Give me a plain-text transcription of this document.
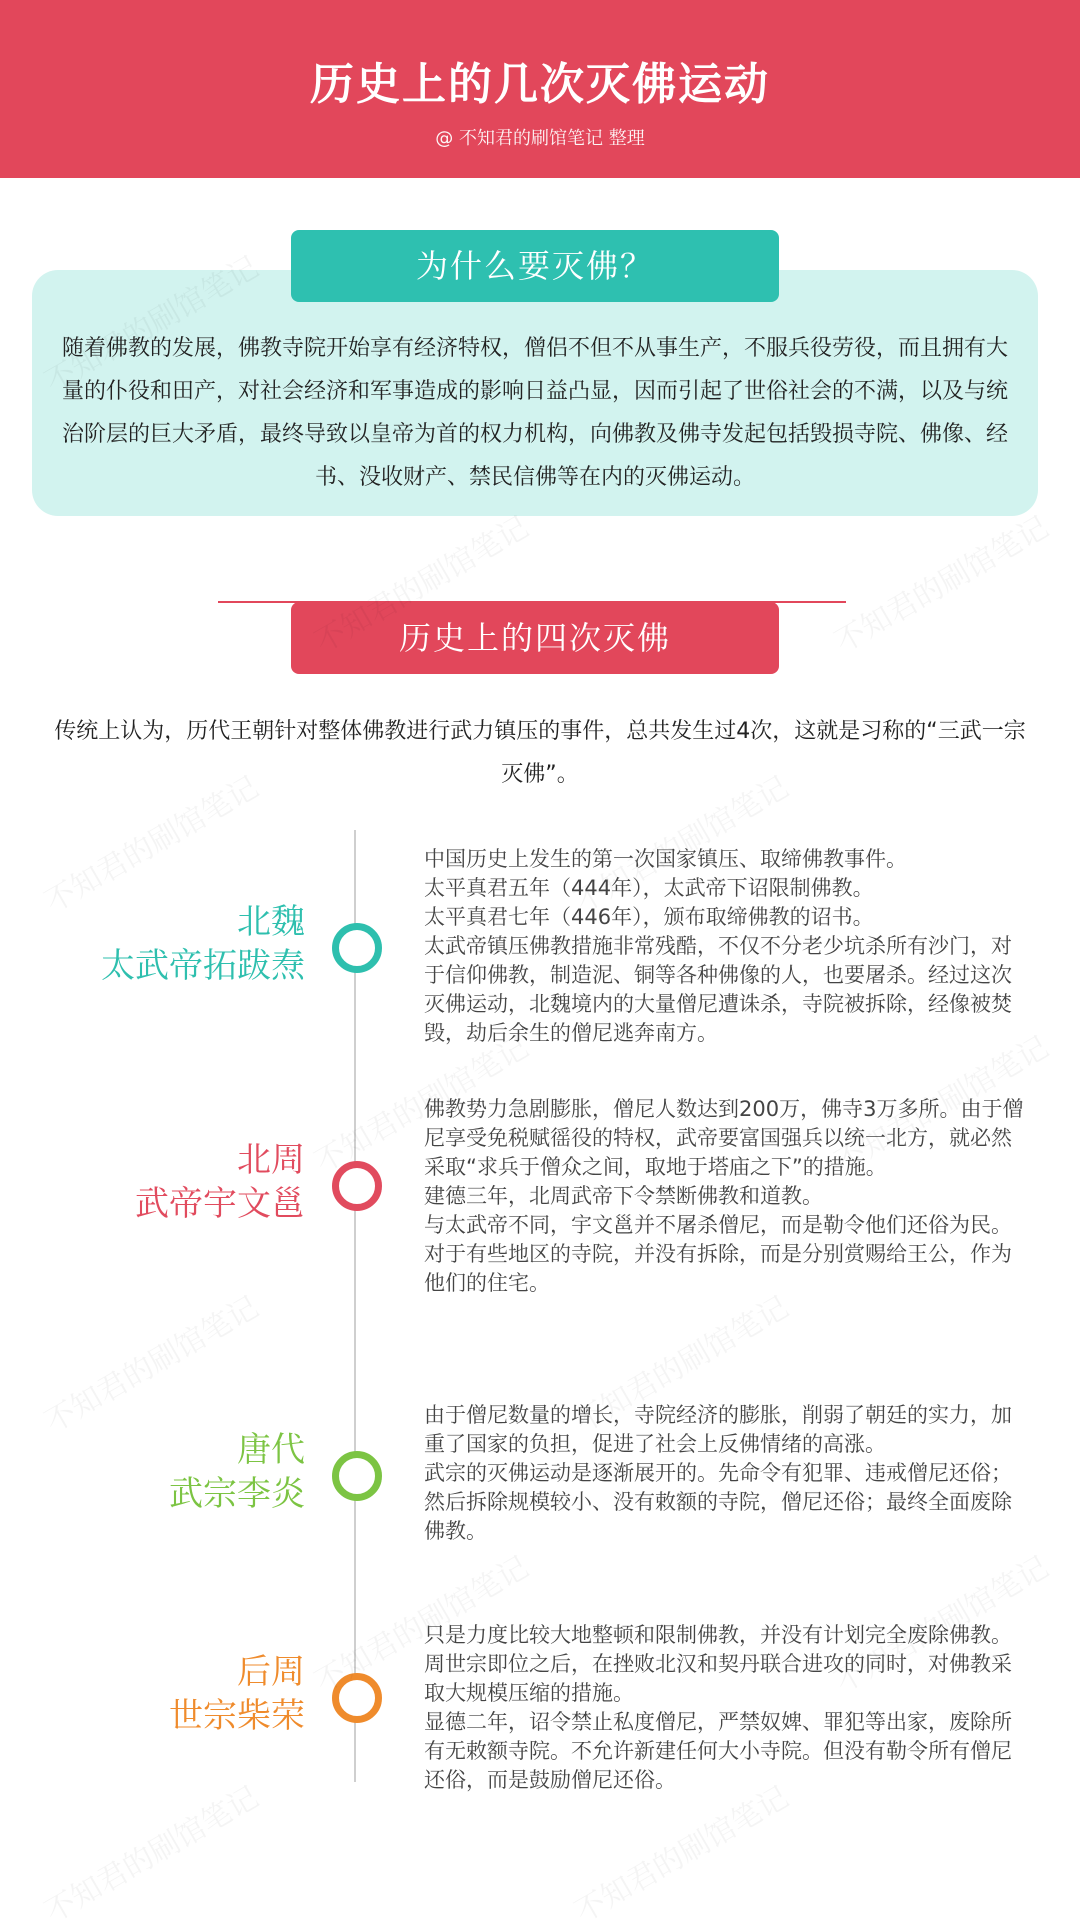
历史上的几次灭佛运动
@ 不知君的刷馆笔记 整理
为什么要灭佛？
随着佛教的发展，佛教寺院开始享有经济特权，僧侣不但不从事生产，不服兵役劳役，而且拥有大量的仆役和田产，对社会经济和军事造成的影响日益凸显，因而引起了世俗社会的不满，以及与统治阶层的巨大矛盾，最终导致以皇帝为首的权力机构，向佛教及佛寺发起包括毁损寺院、佛像、经书、没收财产、禁民信佛等在内的灭佛运动。
历史上的四次灭佛
传统上认为，历代王朝针对整体佛教进行武力镇压的事件，总共发生过4次，这就是习称的“三武一宗灭佛”。
北魏
太武帝拓跋焘

中国历史上发生的第一次国家镇压、取缔佛教事件。

太平真君五年（444年），太武帝下诏限制佛教。

太平真君七年（446年），颁布取缔佛教的诏书。

太武帝镇压佛教措施非常残酷，不仅不分老少坑杀所有沙门，对于信仰佛教，制造泥、铜等各种佛像的人，也要屠杀。经过这次灭佛运动，北魏境内的大量僧尼遭诛杀，寺院被拆除，经像被焚毁，劫后余生的僧尼逃奔南方。

北周
武帝宇文邕

佛教势力急剧膨胀，僧尼人数达到200万，佛寺3万多所。由于僧尼享受免税赋徭役的特权，武帝要富国强兵以统一北方，就必然采取“求兵于僧众之间，取地于塔庙之下”的措施。

建德三年，北周武帝下令禁断佛教和道教。

与太武帝不同，宇文邕并不屠杀僧尼，而是勒令他们还俗为民。对于有些地区的寺院，并没有拆除，而是分别赏赐给王公，作为他们的住宅。

唐代
武宗李炎

由于僧尼数量的增长，寺院经济的膨胀，削弱了朝廷的实力，加重了国家的负担，促进了社会上反佛情绪的高涨。

武宗的灭佛运动是逐渐展开的。先命令有犯罪、违戒僧尼还俗；然后拆除规模较小、没有敕额的寺院，僧尼还俗；最终全面废除佛教。

后周
世宗柴荣

只是力度比较大地整顿和限制佛教，并没有计划完全废除佛教。

周世宗即位之后，在挫败北汉和契丹联合进攻的同时，对佛教采取大规模压缩的措施。

显德二年，诏令禁止私度僧尼，严禁奴婢、罪犯等出家，废除所有无敕额寺院。不允许新建任何大小寺院。但没有勒令所有僧尼还俗，而是鼓励僧尼还俗。
